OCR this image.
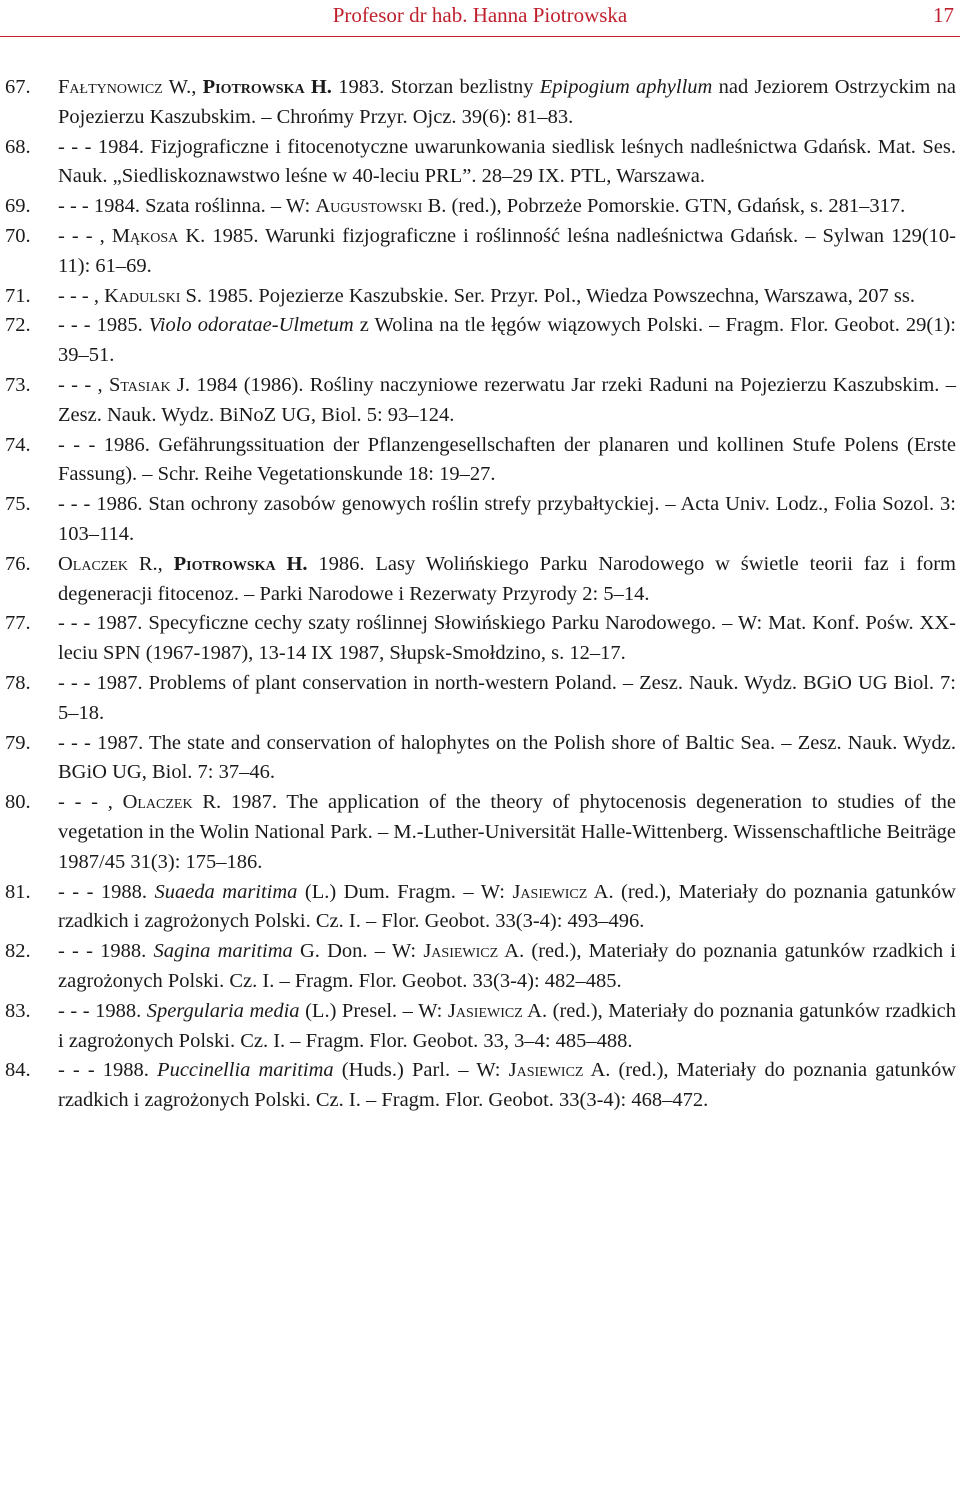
Profesor dr hab. Hanna Piotrowska	17
67.	Fałtynowicz W., Piotrowska H. 1983. Storzan bezlistny Epipogium aphyllum nad Jeziorem Ostrzyckim na Pojezierzu Kaszubskim. – Chrońmy Przyr. Ojcz. 39(6): 81–83.
68.	- - - 1984. Fizjograficzne i fitocenotyczne uwarunkowania siedlisk leśnych nadleśnictwa Gdańsk. Mat. Ses. Nauk. „Siedliskoznawstwo leśne w 40-leciu PRL”. 28–29 IX. PTL, Warszawa.
69.	- - - 1984. Szata roślinna. – W: Augustowski B. (red.), Pobrzeże Pomorskie. GTN, Gdańsk, s. 281–317.
70.	- - - , Mąkosa K. 1985. Warunki fizjograficzne i roślinność leśna nadleśnictwa Gdańsk. – Sylwan 129(10-11): 61–69.
71.	- - - , Kadulski S. 1985. Pojezierze Kaszubskie. Ser. Przyr. Pol., Wiedza Powszechna, Warszawa, 207 ss.
72.	- - - 1985. Violo odoratae-Ulmetum z Wolina na tle łęgów wiązowych Polski. – Fragm. Flor. Geobot. 29(1): 39–51.
73.	- - - , Stasiak J. 1984 (1986). Rośliny naczyniowe rezerwatu Jar rzeki Raduni na Pojezierzu Kaszubskim. – Zesz. Nauk. Wydz. BiNoZ UG, Biol. 5: 93–124.
74.	- - - 1986. Gefährungssituation der Pflanzengesellschaften der planaren und kollinen Stufe Polens (Erste Fassung). – Schr. Reihe Vegetationskunde 18: 19–27.
75.	- - - 1986. Stan ochrony zasobów genowych roślin strefy przybałtyckiej. – Acta Univ. Lodz., Folia Sozol. 3: 103–114.
76.	Olaczek R., Piotrowska H. 1986. Lasy Wolińskiego Parku Narodowego w świetle teorii faz i form degeneracji fitocenoz. – Parki Narodowe i Rezerwaty Przyrody 2: 5–14.
77.	- - - 1987. Specyficzne cechy szaty roślinnej Słowińskiego Parku Narodowego. – W: Mat. Konf. Pośw. XX-leciu SPN (1967-1987), 13-14 IX 1987, Słupsk-Smołdzino, s. 12–17.
78.	- - - 1987. Problems of plant conservation in north-western Poland. – Zesz. Nauk. Wydz. BGiO UG Biol. 7: 5–18.
79.	- - - 1987. The state and conservation of halophytes on the Polish shore of Baltic Sea. – Zesz. Nauk. Wydz. BGiO UG, Biol. 7: 37–46.
80.	- - - , Olaczek R. 1987. The application of the theory of phytocenosis degeneration to studies of the vegetation in the Wolin National Park. – M.-Luther-Universität Halle-Wittenberg. Wissenschaftliche Beiträge 1987/45 31(3): 175–186.
81.	- - - 1988. Suaeda maritima (L.) Dum. Fragm. – W: Jasiewicz A. (red.), Materiały do poznania gatunków rzadkich i zagrożonych Polski. Cz. I. – Flor. Geobot. 33(3-4): 493–496.
82.	- - - 1988. Sagina maritima G. Don. – W: Jasiewicz A. (red.), Materiały do poznania gatunków rzadkich i zagrożonych Polski. Cz. I. – Fragm. Flor. Geobot. 33(3-4): 482–485.
83.	- - - 1988. Spergularia media (L.) Presel. – W: Jasiewicz A. (red.), Materiały do poznania gatunków rzadkich i zagrożonych Polski. Cz. I. – Fragm. Flor. Geobot. 33, 3–4: 485–488.
84.	- - - 1988. Puccinellia maritima (Huds.) Parl. – W: Jasiewicz A. (red.), Materiały do poznania gatunków rzadkich i zagrożonych Polski. Cz. I. – Fragm. Flor. Geobot. 33(3-4): 468–472.
